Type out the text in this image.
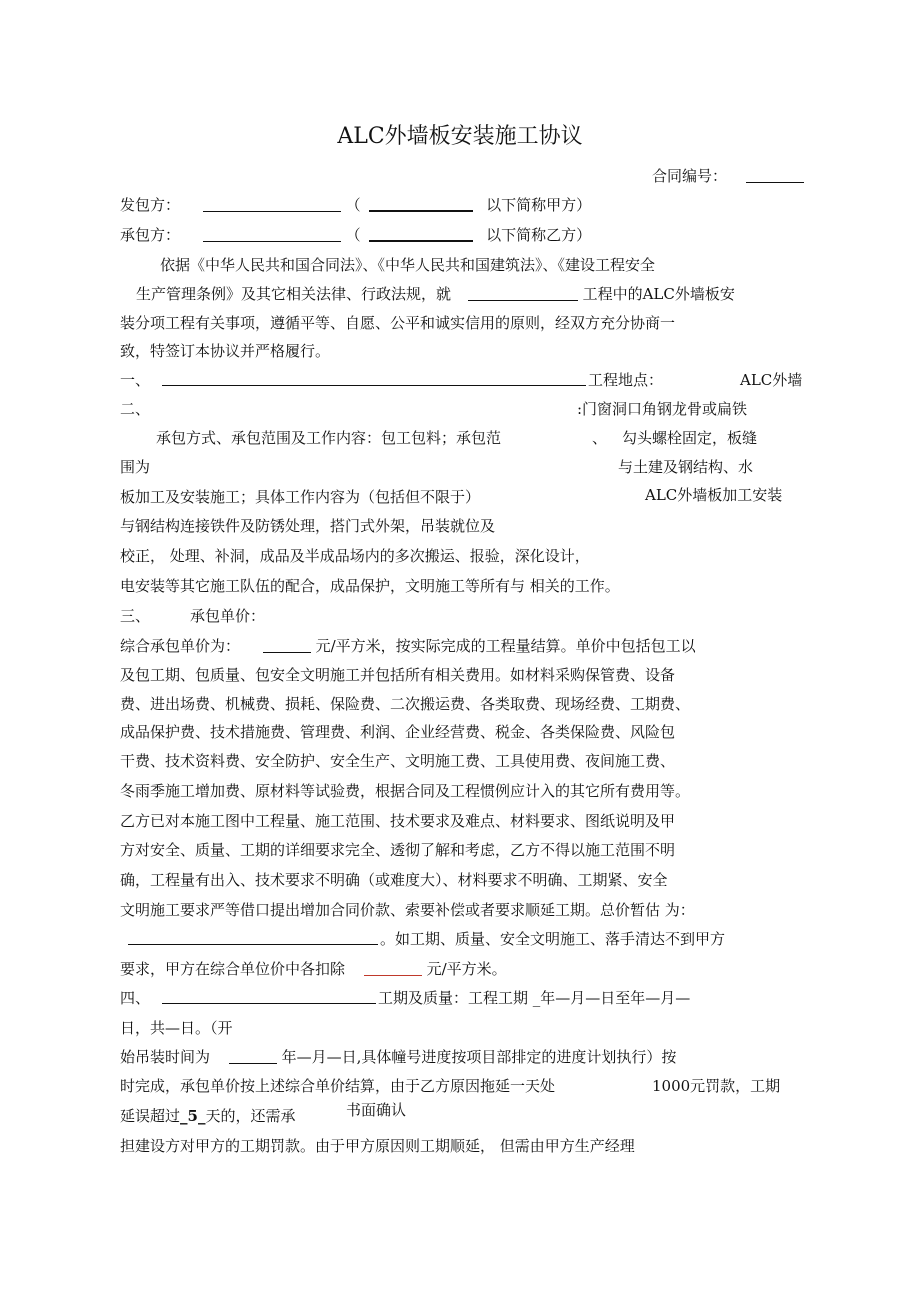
ALC外墙板安装施工协议
合同编号：
发包方：	（	以下简称甲方）
承包方：	（	以下简称乙方）
依据《中华人民共和国合同法》、《中华人民共和国建筑法》、《建设工程安全
生产管理条例》及其它相关法律、行政法规，就	工程中的ALC外墙板安
装分项工程有关事项，遵循平等、自愿、公平和诚实信用的原则，经双方充分协商一
致，特签订本协议并严格履行。
一、	工程地点：	ALC外墙
二、	:门窗洞口角钢龙骨或扁铁
承包方式、承包范围及工作内容：包工包料；承包范	、 勾头螺栓固定，板缝
围为	与土建及钢结构、水
板加工及安装施工；具体工作内容为（包括但不限于）	ALC外墙板加工安装
与钢结构连接铁件及防锈处理，搭门式外架，吊装就位及
校正， 处理、补洞，成品及半成品场内的多次搬运、报验，深化设计，
电安装等其它施工队伍的配合，成品保护，文明施工等所有与 相关的工作。
三、	承包单价：
综合承包单价为：	元/平方米，按实际完成的工程量结算。单价中包括包工以
及包工期、包质量、包安全文明施工并包括所有相关费用。如材料采购保管费、设备
费、进出场费、机械费、损耗、保险费、二次搬运费、各类取费、现场经费、工期费、
成品保护费、技术措施费、管理费、利润、企业经营费、税金、各类保险费、风险包
干费、技术资料费、安全防护、安全生产、文明施工费、工具使用费、夜间施工费、
冬雨季施工增加费、原材料等试验费，根据合同及工程惯例应计入的其它所有费用等。
乙方已对本施工图中工程量、施工范围、技术要求及难点、材料要求、图纸说明及甲
方对安全、质量、工期的详细要求完全、透彻了解和考虑，乙方不得以施工范围不明
确，工程量有出入、技术要求不明确（或难度大）、材料要求不明确、工期紧、安全
文明施工要求严等借口提出增加合同价款、索要补偿或者要求顺延工期。总价暂估 为：
。如工期、质量、安全文明施工、落手清达不到甲方
要求，甲方在综合单位价中各扣除	元/平方米。
四、	工期及质量：工程工期 _年—月—日至年—月—
日，共—日。（开
始吊装时间为	年—月—日,具体幢号进度按项目部排定的进度计划执行）按
时完成，承包单价按上述综合单价结算，由于乙方原因拖延一天处	1000元罚款，工期
延误超过_5_天的，还需承	书面确认
担建设方对甲方的工期罚款。由于甲方原因则工期顺延， 但需由甲方生产经理
